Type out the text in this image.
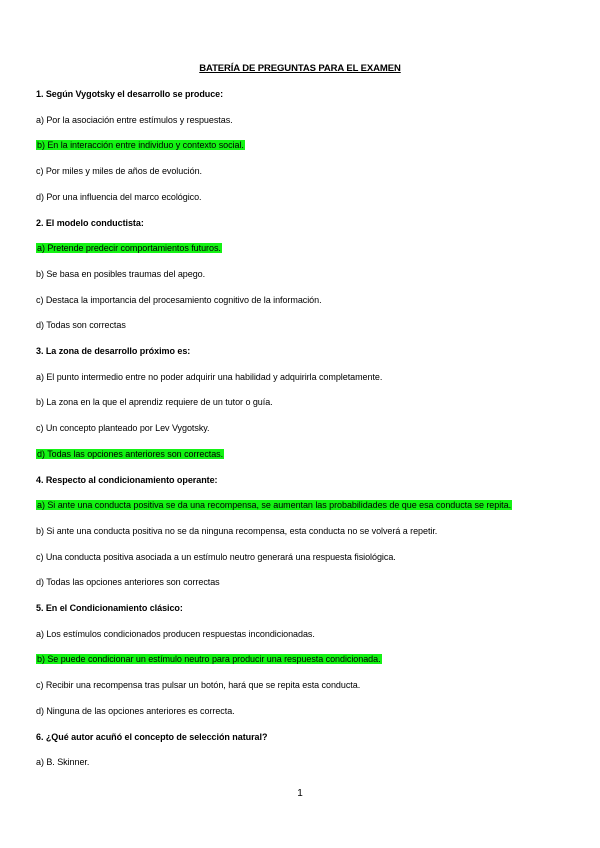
BATERÍA DE PREGUNTAS PARA EL EXAMEN
1. Según Vygotsky el desarrollo se produce:
a) Por la asociación entre estímulos y respuestas.
b) En la interacción entre individuo y contexto social.
c) Por miles y miles de años de evolución.
d) Por una influencia del marco ecológico.
2. El modelo conductista:
a) Pretende predecir comportamientos futuros.
b) Se basa en posibles traumas del apego.
c) Destaca la importancia del procesamiento cognitivo de la información.
d) Todas son correctas
3. La zona de desarrollo próximo es:
a) El punto intermedio entre no poder adquirir una habilidad y adquirirla completamente.
b) La zona en la que el aprendiz requiere de un tutor o guía.
c) Un concepto planteado por Lev Vygotsky.
d) Todas las opciones anteriores son correctas.
4. Respecto al condicionamiento operante:
a) Si ante una conducta positiva se da una recompensa, se aumentan las probabilidades de que esa conducta se repita.
b) Si ante una conducta positiva no se da ninguna recompensa, esta conducta no se volverá a repetir.
c) Una conducta positiva asociada a un estímulo neutro generará una respuesta fisiológica.
d) Todas las opciones anteriores son correctas
5. En el Condicionamiento clásico:
a) Los estímulos condicionados producen respuestas incondicionadas.
b) Se puede condicionar un estímulo neutro para producir una respuesta condicionada.
c) Recibir una recompensa tras pulsar un botón, hará que se repita esta conducta.
d) Ninguna de las opciones anteriores es correcta.
6. ¿Qué autor acuñó el concepto de selección natural?
a) B. Skinner.
1
